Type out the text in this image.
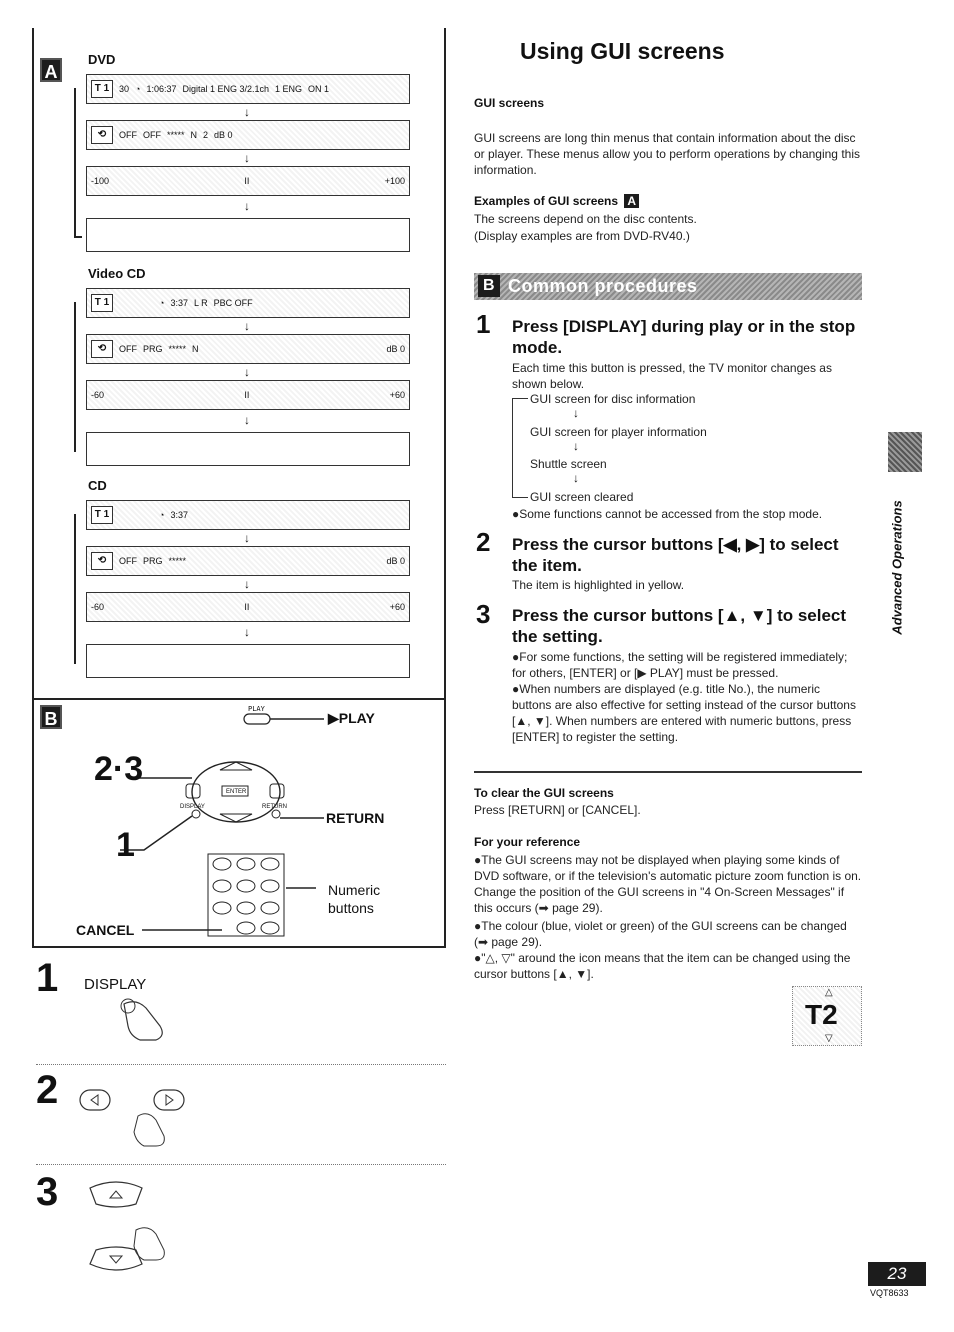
A
B
DVD
T 1	30 ◔ 1:06:37 Digital 1 ENG 3/2.1ch 1 ENG ON 1
↓
⟲	OFF OFF ***** N 2 dB 0
↓
-100	II	+100
↓
Video CD
T 1	◔ 3:37 L R PBC OFF
↓
⟲	OFF PRG ***** N	dB 0
↓
-60	II	+60
↓
CD
T 1	◔ 3:37
↓
⟲	OFF PRG *****	dB 0
↓
-60	II	+60
↓
PLAY
▶PLAY
2·3
1
ENTER
DISPLAY	RETURN
RETURN
Numeric
buttons
CANCEL
1 DISPLAY
2
3
Using GUI screens
GUI screens
GUI screens are long thin menus that contain information about the disc or player. These menus allow you to perform operations by changing this information.
Examples of GUI screens A
The screens depend on the disc contents.
(Display examples are from DVD-RV40.)
B Common procedures
1 Press [DISPLAY] during play or in the stop mode.
Each time this button is pressed, the TV monitor changes as shown below.
GUI screen for disc information
↓
GUI screen for player information
↓
Shuttle screen
↓
GUI screen cleared
●Some functions cannot be accessed from the stop mode.
2 Press the cursor buttons [◀, ▶] to select the item.
The item is highlighted in yellow.
3 Press the cursor buttons [▲, ▼] to select the setting.
●For some functions, the setting will be registered immediately; for others, [ENTER] or [▶ PLAY] must be pressed.
●When numbers are displayed (e.g. title No.), the numeric buttons are also effective for setting instead of the cursor buttons [▲, ▼]. When numbers are entered with numeric buttons, press [ENTER] to register the setting.
To clear the GUI screens
Press [RETURN] or [CANCEL].
For your reference
●The GUI screens may not be displayed when playing some kinds of DVD software, or if the television's automatic picture zoom function is on. Change the position of the GUI screens in "4 On-Screen Messages" if this occurs (➡ page 29).
●The colour (blue, violet or green) of the GUI screens can be changed (➡ page 29).
●"△, ▽" around the icon means that the item can be changed using the cursor buttons [▲, ▼].
△
T2
▽
Advanced Operations
23
VQT8633
